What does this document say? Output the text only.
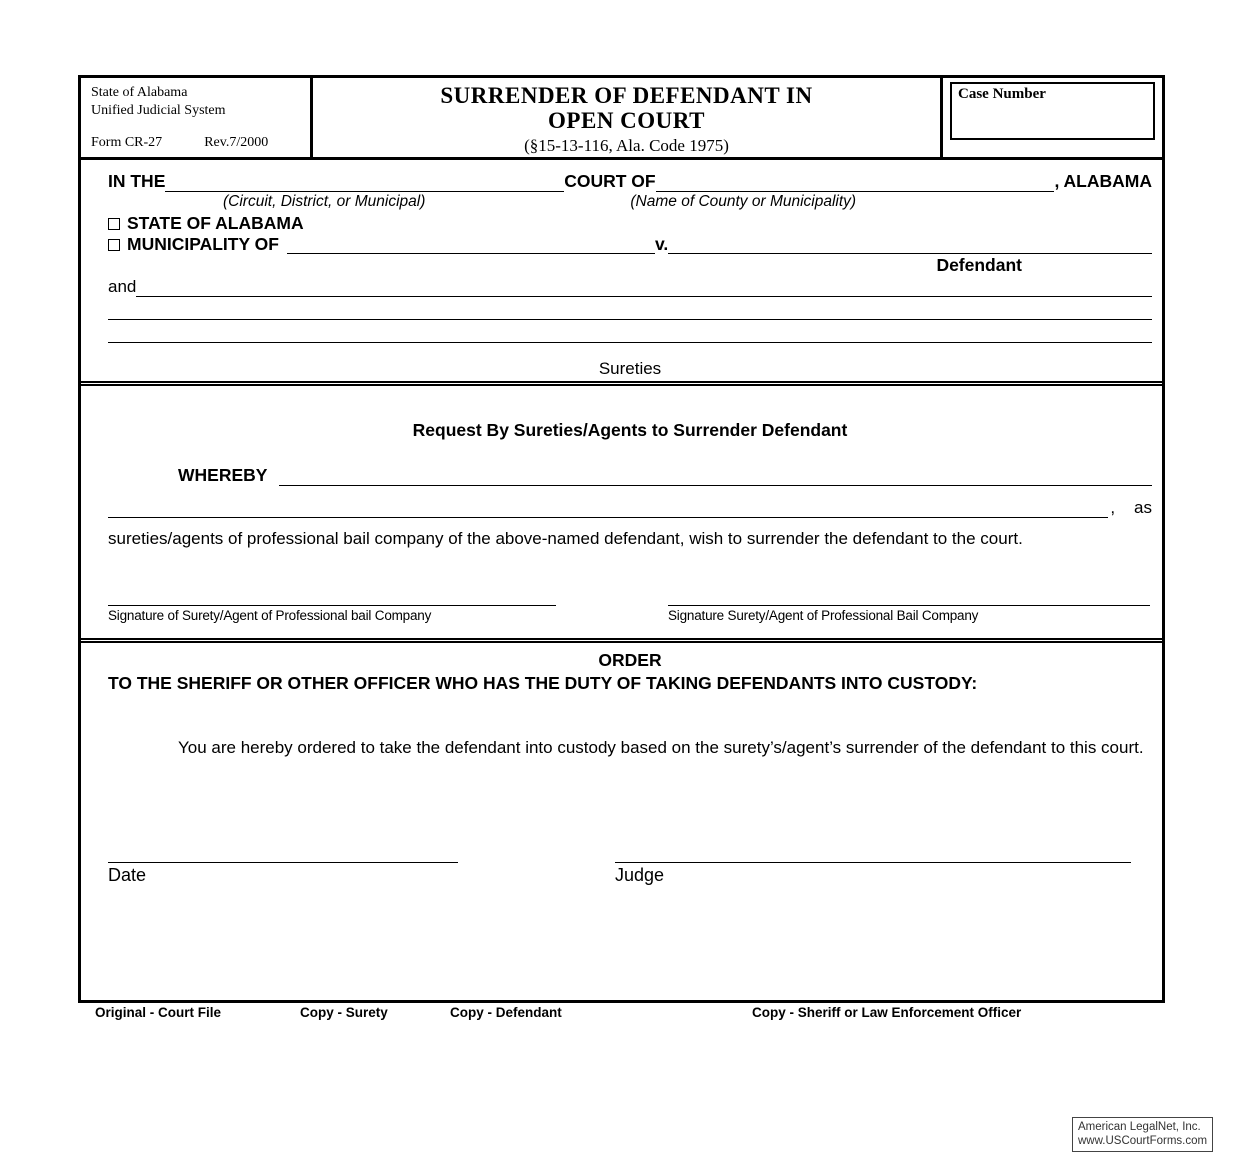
State of Alabama
Unified Judicial System
Form CR-27	Rev.7/2000
SURRENDER OF DEFENDANT IN
OPEN COURT
(§15-13-116, Ala. Code 1975)
Case Number
IN THE	COURT OF	, ALABAMA
(Circuit, District, or Municipal)	(Name of County or Municipality)
STATE OF ALABAMA
MUNICIPALITY OF	v.
Defendant
and
Sureties
Request By Sureties/Agents to Surrender Defendant
WHEREBY
,    as
sureties/agents of professional bail company of the above-named defendant, wish to surrender the defendant to the court.
Signature of Surety/Agent of Professional bail Company	Signature Surety/Agent of Professional Bail Company
ORDER
TO THE SHERIFF OR OTHER OFFICER WHO HAS THE DUTY OF TAKING DEFENDANTS INTO CUSTODY:
You are hereby ordered to take the defendant into custody based on the surety’s/agent’s surrender of the defendant to this court.
Date	Judge
Original - Court File	Copy - Surety	Copy - Defendant	Copy - Sheriff or Law Enforcement Officer
American LegalNet, Inc.
www.USCourtForms.com
